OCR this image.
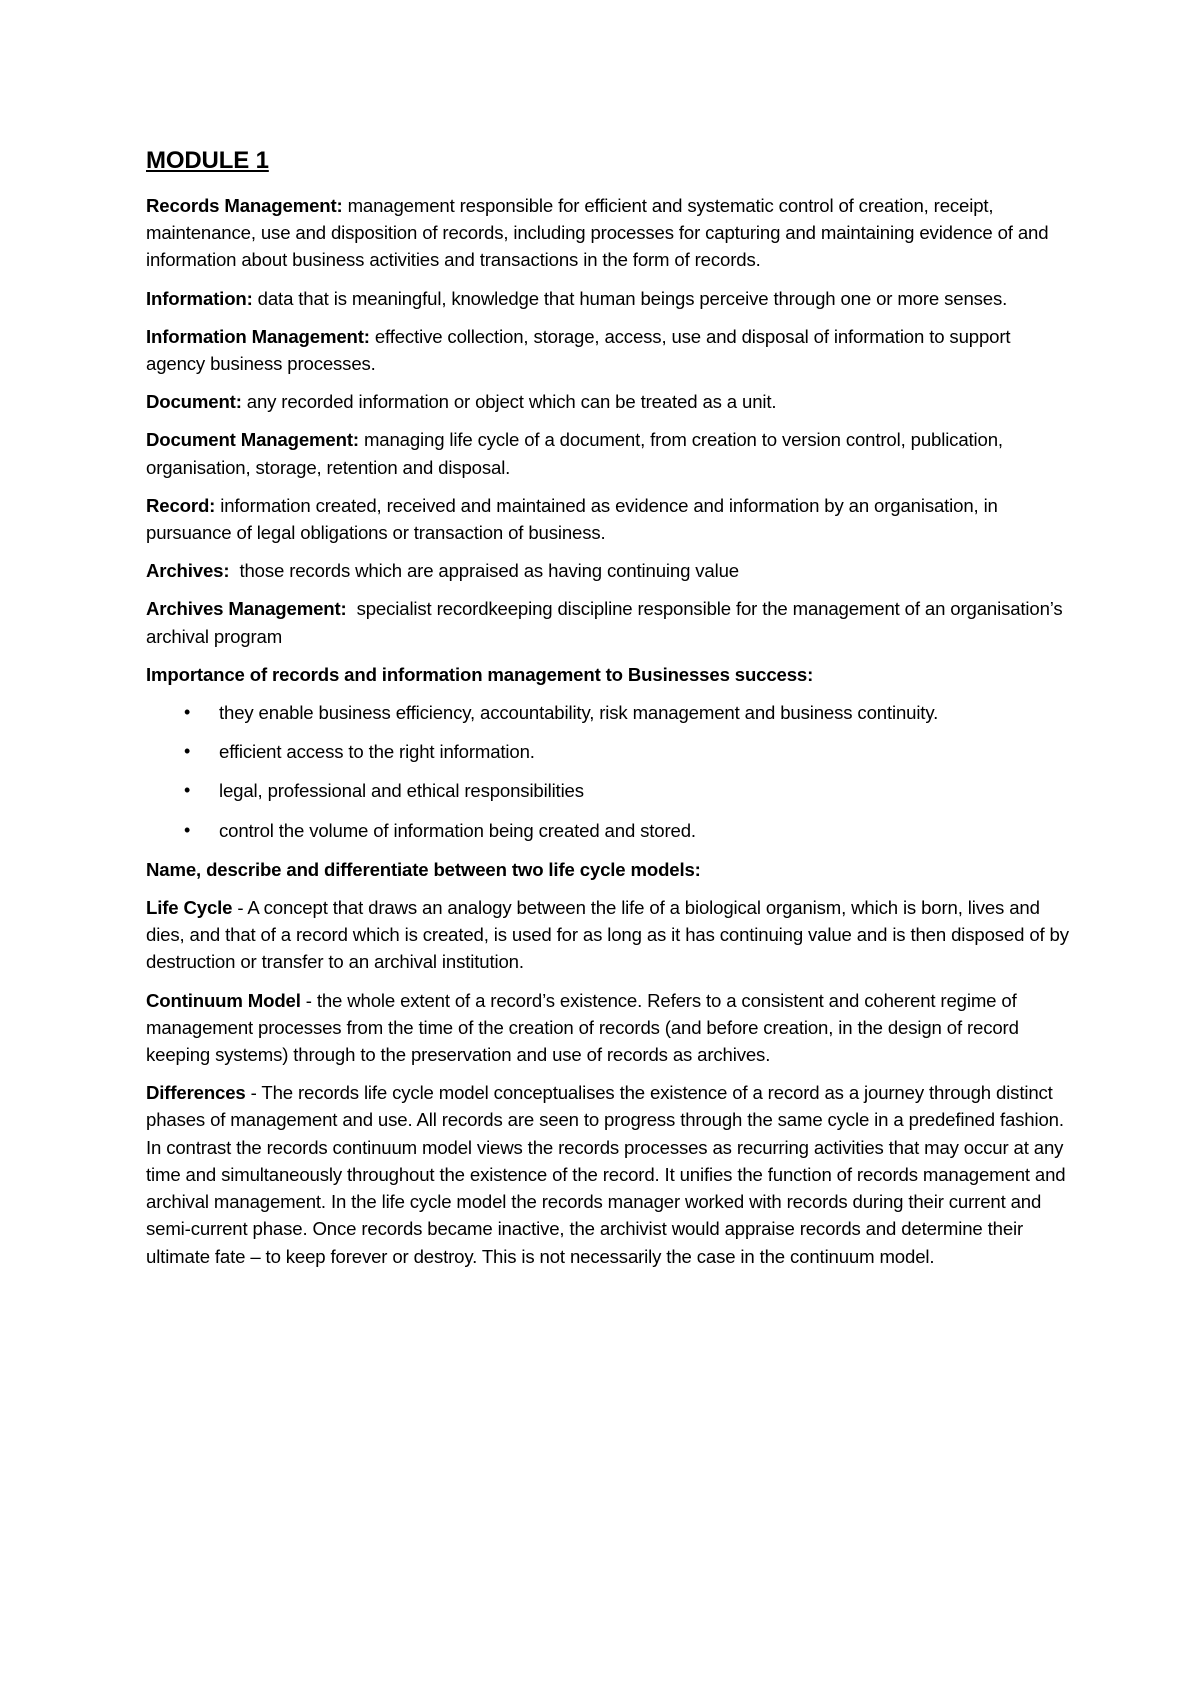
MODULE 1

Records Management: management responsible for efficient and systematic control of creation, receipt, maintenance, use and disposition of records, including processes for capturing and maintaining evidence of and information about business activities and transactions in the form of records.

Information: data that is meaningful, knowledge that human beings perceive through one or more senses.

Information Management: effective collection, storage, access, use and disposal of information to support agency business processes.

Document: any recorded information or object which can be treated as a unit.

Document Management: managing life cycle of a document, from creation to version control, publication, organisation, storage, retention and disposal.

Record: information created, received and maintained as evidence and information by an organisation, in pursuance of legal obligations or transaction of business.

Archives:  those records which are appraised as having continuing value

Archives Management:  specialist recordkeeping discipline responsible for the management of an organisation’s archival program

Importance of records and information management to Businesses success:

• they enable business efficiency, accountability, risk management and business continuity.
• efficient access to the right information.
• legal, professional and ethical responsibilities
• control the volume of information being created and stored.

Name, describe and differentiate between two life cycle models:

Life Cycle - A concept that draws an analogy between the life of a biological organism, which is born, lives and dies, and that of a record which is created, is used for as long as it has continuing value and is then disposed of by destruction or transfer to an archival institution.

Continuum Model - the whole extent of a record’s existence. Refers to a consistent and coherent regime of management processes from the time of the creation of records (and before creation, in the design of record keeping systems) through to the preservation and use of records as archives.

Differences - The records life cycle model conceptualises the existence of a record as a journey through distinct phases of management and use. All records are seen to progress through the same cycle in a predefined fashion. In contrast the records continuum model views the records processes as recurring activities that may occur at any time and simultaneously throughout the existence of the record. It unifies the function of records management and archival management. In the life cycle model the records manager worked with records during their current and semi-current phase. Once records became inactive, the archivist would appraise records and determine their ultimate fate – to keep forever or destroy. This is not necessarily the case in the continuum model.
